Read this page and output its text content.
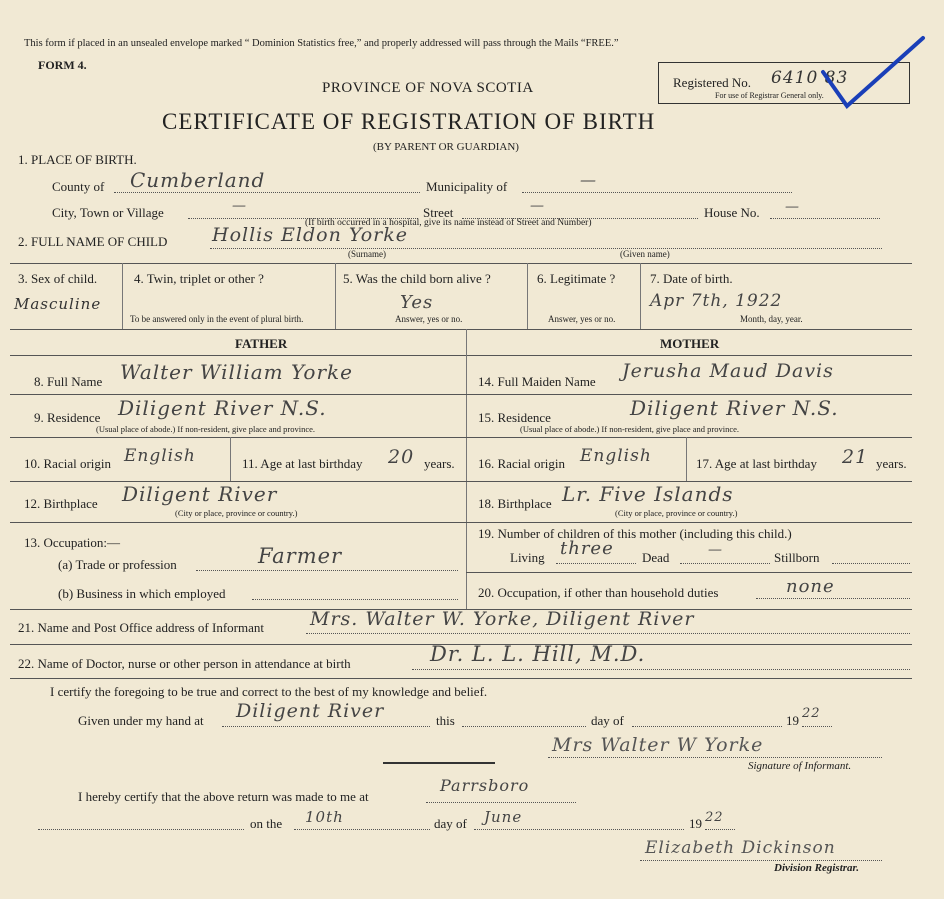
This form if placed in an unsealed envelope marked “ Dominion Statistics free,” and properly addressed will pass through the Mails “FREE.”
FORM 4.
PROVINCE OF NOVA SCOTIA
CERTIFICATE OF REGISTRATION OF BIRTH
(BY PARENT OR GUARDIAN)
Registered No. 6410 83
For use of Registrar General only.
1. PLACE OF BIRTH.
County of Cumberland	Municipality of	—
City, Town or Village	—	Street	—	House No. —
(If birth occurred in a hospital, give its name instead of Street and Number)
2. FULL NAME OF CHILD Hollis Eldon Yorke
(Surname)	(Given name)
3. Sex of child.
Masculine
4. Twin, triplet or other ?
To be answered only in the event of plural birth.
5. Was the child born alive ?
Yes
Answer, yes or no.
6. Legitimate ?
Answer, yes or no.
7. Date of birth.
Apr 7th, 1922
Month, day, year.
FATHER	MOTHER
8. Full Name Walter William Yorke
9. Residence Diligent River N.S.
(Usual place of abode.) If non-resident, give place and province.
10. Racial origin English	11. Age at last birthday 20 years.
12. Birthplace Diligent River
(City or place, province or country.)
13. Occupation:—
(a) Trade or profession	Farmer
(b) Business in which employed
14. Full Maiden Name Jerusha Maud Davis
15. Residence	Diligent River N.S.
(Usual place of abode.) If non-resident, give place and province.
16. Racial origin English	17. Age at last birthday 21 years.
18. Birthplace Lr. Five Islands
(City or place, province or country.)
19. Number of children of this mother (including this child.)
Living three Dead	—	Stillborn
20. Occupation, if other than household duties	none
21. Name and Post Office address of Informant Mrs. Walter W. Yorke, Diligent River
22. Name of Doctor, nurse or other person in attendance at birth	Dr. L. L. Hill, M.D.
I certify the foregoing to be true and correct to the best of my knowledge and belief.
Given under my hand at Diligent River	this	day of	19 22
Mrs Walter W Yorke
Signature of Informant.
I hereby certify that the above return was made to me at
Parrsboro
on the 10th	day of June	19 22
Elizabeth Dickinson
Division Registrar.
